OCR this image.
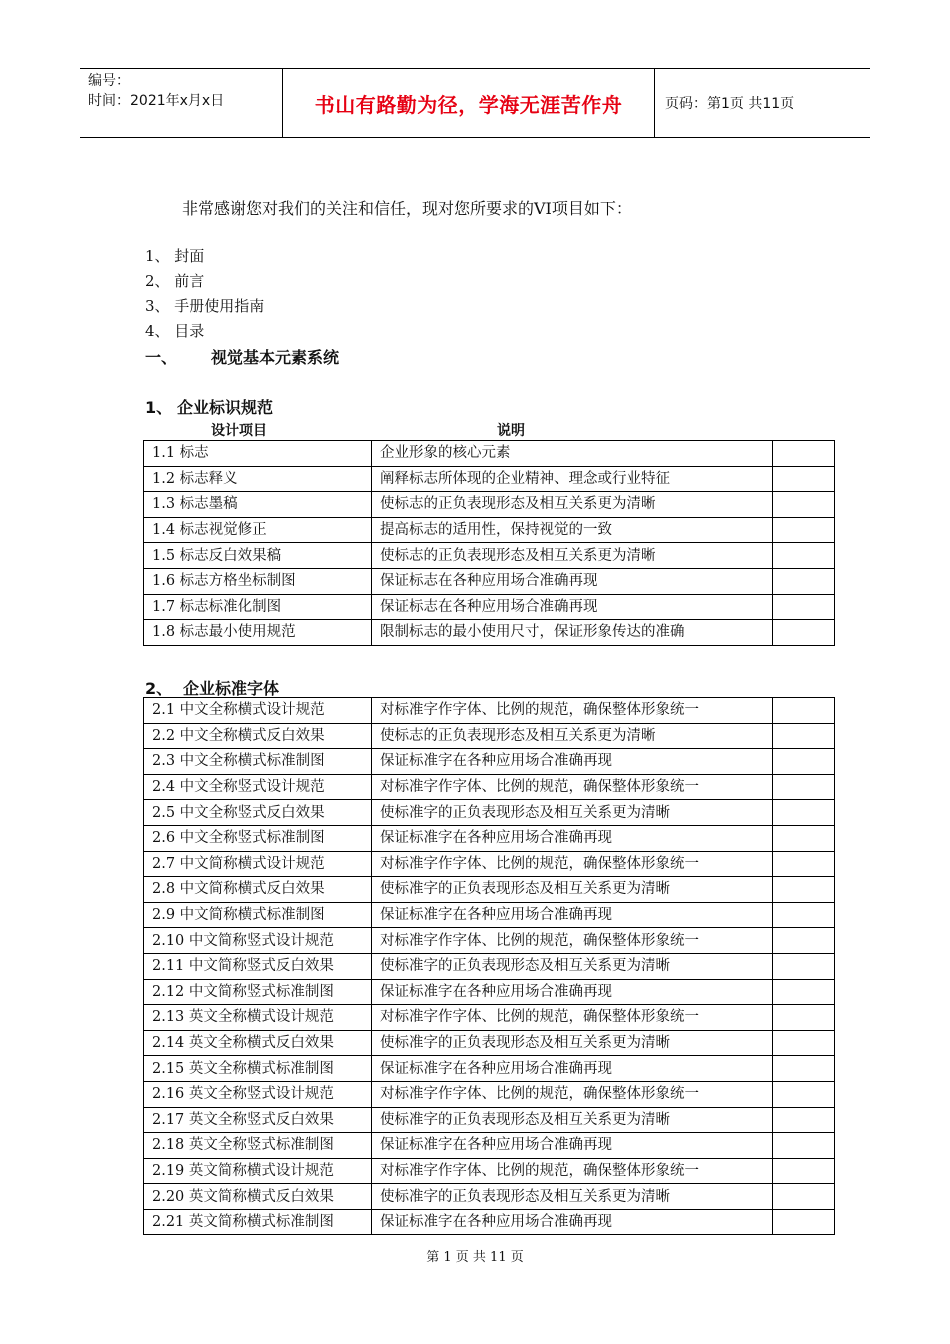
编号：
时间：2021年x月x日	书山有路勤为径，学海无涯苦作舟	页码：第1页 共11页
非常感谢您对我们的关注和信任，现对您所要求的VI项目如下：
1、 封面
2、 前言
3、 手册使用指南
4、 目录
一、 视觉基本元素系统
1、 企业标识规范
设计项目	说明
1.1 标志	企业形象的核心元素	
1.2 标志释义	阐释标志所体现的企业精神、理念或行业特征	
1.3 标志墨稿	使标志的正负表现形态及相互关系更为清晰	
1.4 标志视觉修正	提高标志的适用性，保持视觉的一致	
1.5 标志反白效果稿	使标志的正负表现形态及相互关系更为清晰	
1.6 标志方格坐标制图	保证标志在各种应用场合准确再现	
1.7 标志标准化制图	保证标志在各种应用场合准确再现	
1.8 标志最小使用规范	限制标志的最小使用尺寸，保证形象传达的准确	
2、 企业标准字体
2.1 中文全称横式设计规范	对标准字作字体、比例的规范，确保整体形象统一	
2.2 中文全称横式反白效果	使标志的正负表现形态及相互关系更为清晰	
2.3 中文全称横式标准制图	保证标准字在各种应用场合准确再现	
2.4 中文全称竖式设计规范	对标准字作字体、比例的规范，确保整体形象统一	
2.5 中文全称竖式反白效果	使标准字的正负表现形态及相互关系更为清晰	
2.6 中文全称竖式标准制图	保证标准字在各种应用场合准确再现	
2.7 中文简称横式设计规范	对标准字作字体、比例的规范，确保整体形象统一	
2.8 中文简称横式反白效果	使标准字的正负表现形态及相互关系更为清晰	
2.9 中文简称横式标准制图	保证标准字在各种应用场合准确再现	
2.10 中文简称竖式设计规范	对标准字作字体、比例的规范，确保整体形象统一	
2.11 中文简称竖式反白效果	使标准字的正负表现形态及相互关系更为清晰	
2.12 中文简称竖式标准制图	保证标准字在各种应用场合准确再现	
2.13 英文全称横式设计规范	对标准字作字体、比例的规范，确保整体形象统一	
2.14 英文全称横式反白效果	使标准字的正负表现形态及相互关系更为清晰	
2.15 英文全称横式标准制图	保证标准字在各种应用场合准确再现	
2.16 英文全称竖式设计规范	对标准字作字体、比例的规范，确保整体形象统一	
2.17 英文全称竖式反白效果	使标准字的正负表现形态及相互关系更为清晰	
2.18 英文全称竖式标准制图	保证标准字在各种应用场合准确再现	
2.19 英文简称横式设计规范	对标准字作字体、比例的规范，确保整体形象统一	
2.20 英文简称横式反白效果	使标准字的正负表现形态及相互关系更为清晰	
2.21 英文简称横式标准制图	保证标准字在各种应用场合准确再现	
第 1 页 共 11 页
